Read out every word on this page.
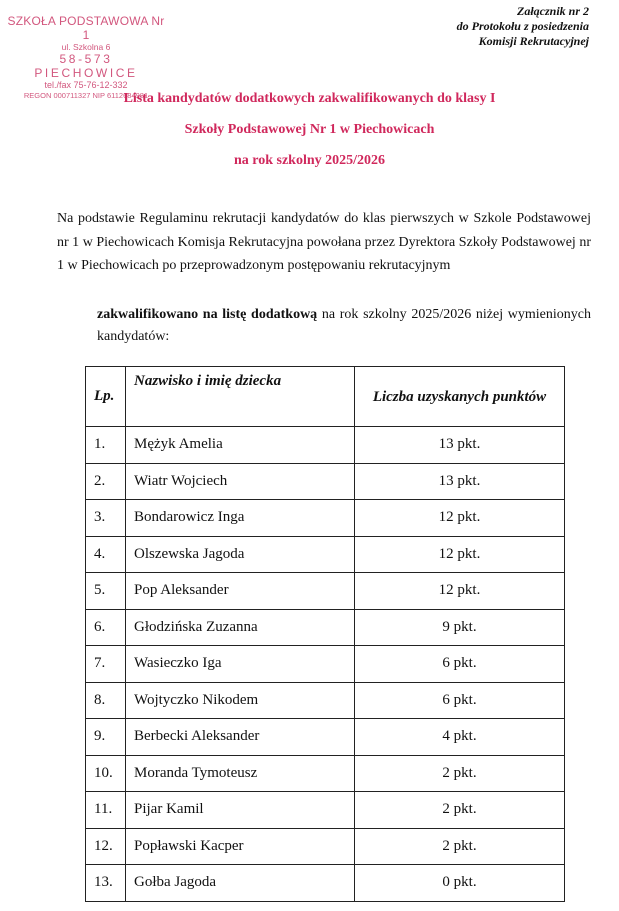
SZKOŁA PODSTAWOWA Nr 1
ul. Szkolna 6
58-573 PIECHOWICE
tel./fax 75-76-12-332
REGON 000711327 NIP 6112684981
Załącznik nr 2
do Protokołu z posiedzenia
Komisji Rekrutacyjnej
Lista kandydatów dodatkowych zakwalifikowanych do klasy I
Szkoły Podstawowej Nr 1 w Piechowicach
na rok szkolny 2025/2026

Na podstawie Regulaminu rekrutacji kandydatów do klas pierwszych w Szkole Podstawowej nr 1 w Piechowicach Komisja Rekrutacyjna powołana przez Dyrektora Szkoły Podstawowej nr 1 w Piechowicach po przeprowadzonym postępowaniu rekrutacyjnym

zakwalifikowano na listę dodatkową na rok szkolny 2025/2026 niżej wymienionych kandydatów:

Lp.	Nazwisko i imię dziecka	Liczba uzyskanych punktów
1.	Mężyk Amelia	13 pkt.
2.	Wiatr Wojciech	13 pkt.
3.	Bondarowicz Inga	12 pkt.
4.	Olszewska Jagoda	12 pkt.
5.	Pop Aleksander	12 pkt.
6.	Głodzińska Zuzanna	9 pkt.
7.	Wasieczko Iga	6 pkt.
8.	Wojtyczko Nikodem	6 pkt.
9.	Berbecki Aleksander	4 pkt.
10.	Moranda Tymoteusz	2 pkt.
11.	Pijar Kamil	2 pkt.
12.	Popławski Kacper	2 pkt.
13.	Gołba Jagoda	0 pkt.
